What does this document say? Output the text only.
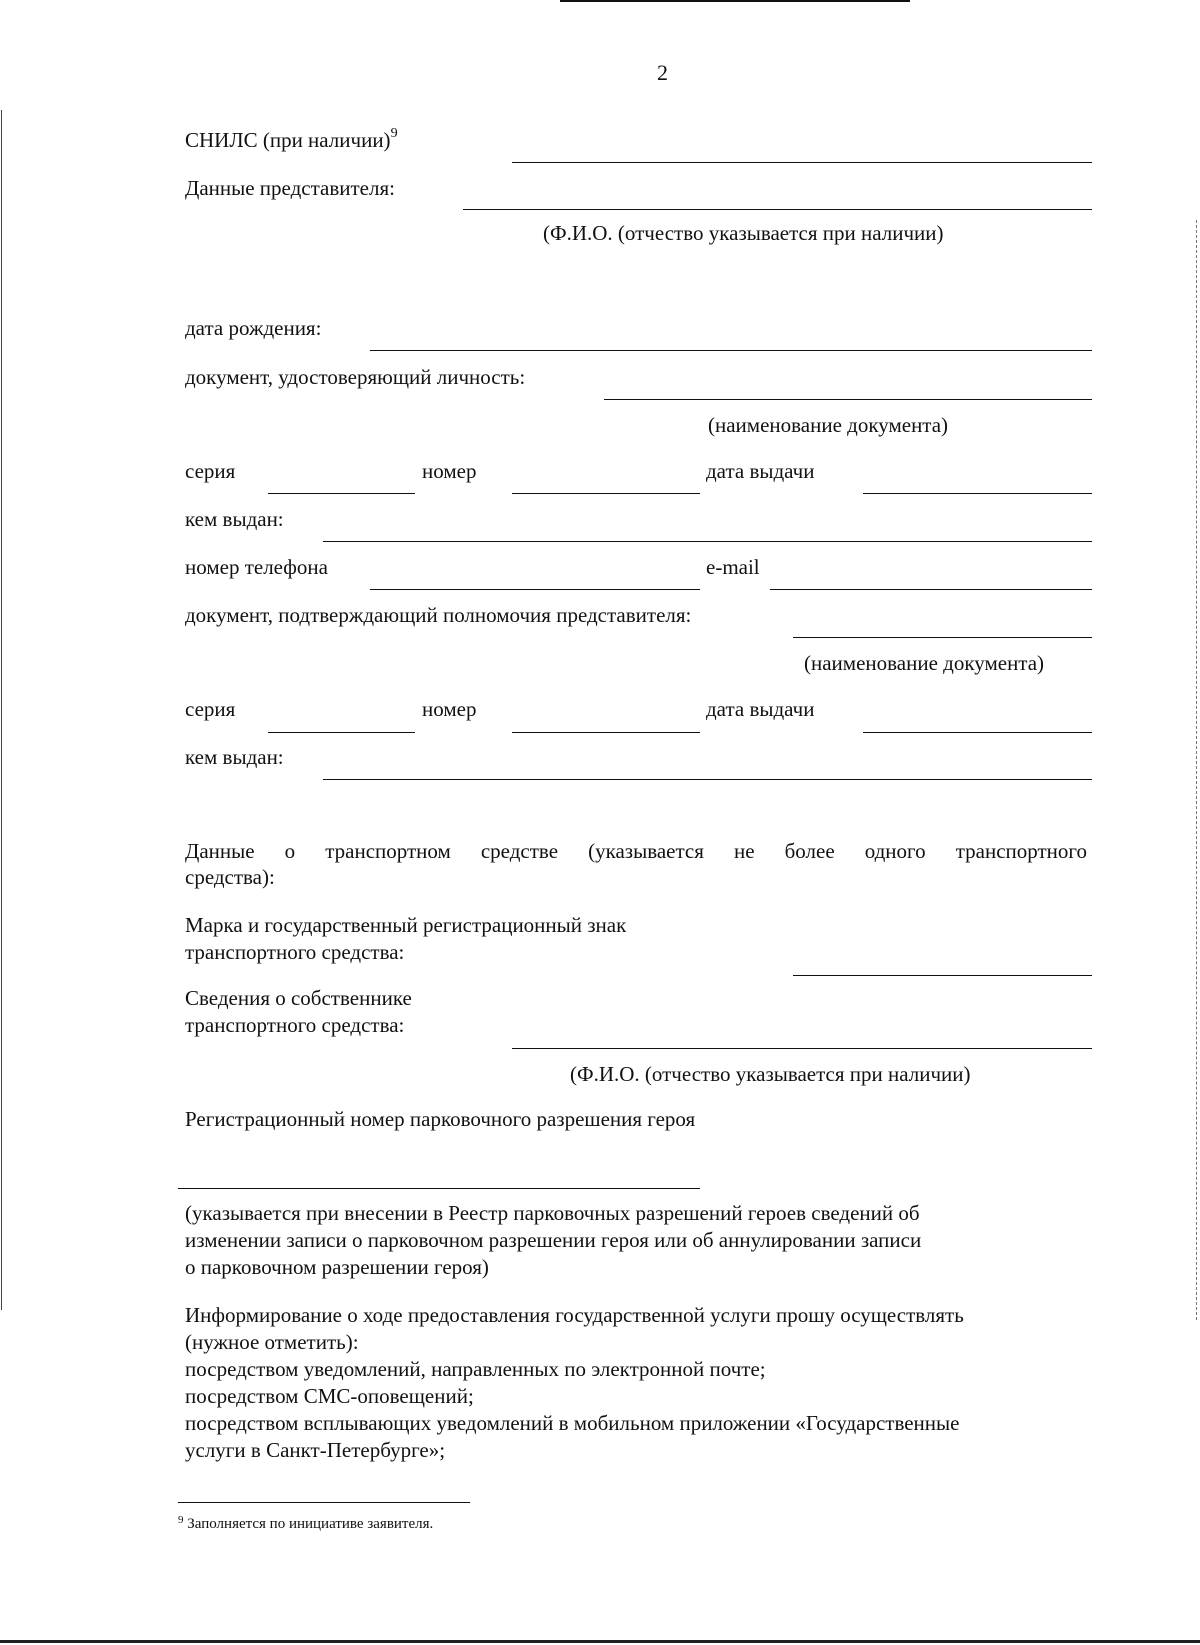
2
СНИЛС (при наличии)$^9$
Данные представителя:
(Ф.И.О. (отчество указывается при наличии)
дата рождения:
документ, удостоверяющий личность:
(наименование документа)
серия	номер	дата выдачи
кем выдан:
номер телефона	e-mail
документ, подтверждающий полномочия представителя:
(наименование документа)
серия	номер	дата выдачи
кем выдан:
Данные о транспортном средстве (указывается не более одного транспортного
средства):
Марка и государственный регистрационный знак
транспортного средства:
Сведения о собственнике
транспортного средства:
(Ф.И.О. (отчество указывается при наличии)
Регистрационный номер парковочного разрешения героя
(указывается при внесении в Реестр парковочных разрешений героев сведений об
изменении записи о парковочном разрешении героя или об аннулировании записи
о парковочном разрешении героя)
Информирование о ходе предоставления государственной услуги прошу осуществлять
(нужное отметить):
посредством уведомлений, направленных по электронной почте;
посредством СМС-оповещений;
посредством всплывающих уведомлений в мобильном приложении «Государственные
услуги в Санкт-Петербурге»;
$^9$ Заполняется по инициативе заявителя.
